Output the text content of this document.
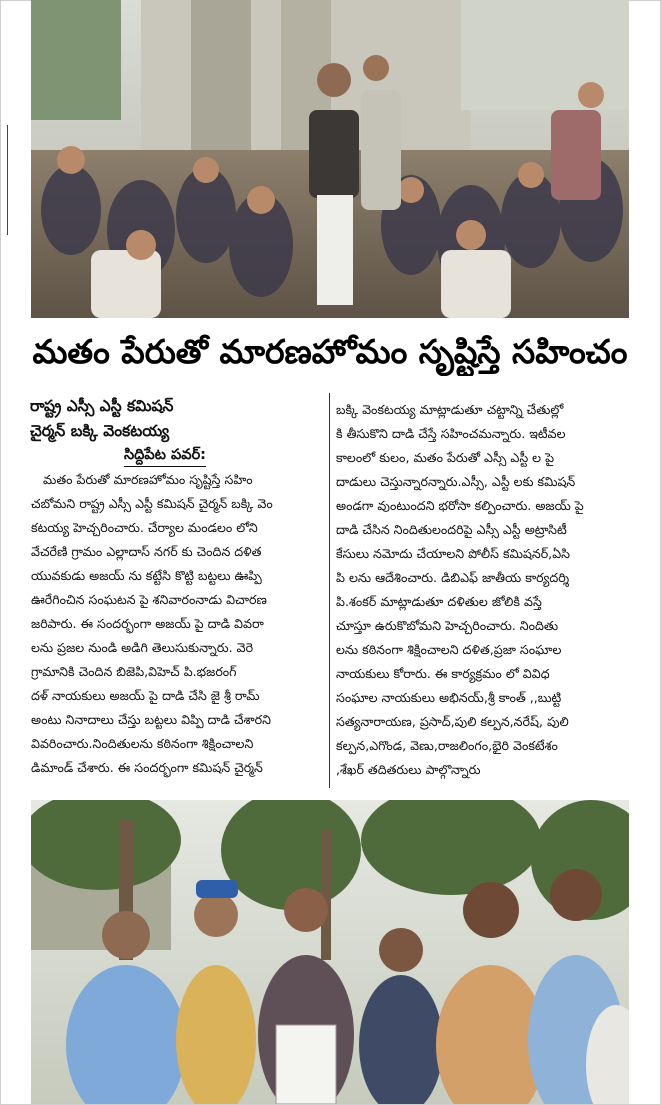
మతం పేరుతో మారణహోమం సృష్టిస్తే సహించం

రాష్ట్ర ఎస్సీ ఎస్టీ కమిషన్

చైర్మన్ బక్కి వెంకటయ్య

సిద్దిపేట పవర్:

మతం పేరుతో మారణహోమం సృష్టిస్తే సహిం

చబోమని రాష్ట్ర ఎస్సీ ఎస్టీ కమిషన్ చైర్మన్ బక్కి వెం

కటయ్య హెచ్చరించారు. చేర్యాల మండలం లోని

వేచరేణి గ్రామం ఎల్లాదాస్ నగర్ కు చెందిన దళిత

యువకుడు అజయ్ ను కట్టేసి కొట్టి బట్టలు ఊప్పి

ఊరేగించిన సంఘటన పై శనివారంనాడు విచారణ

జరిపారు. ఈ సందర్భంగా అజయ్ పై దాడి వివరా

లను ప్రజల నుండి అడిగి తెలుసుకున్నారు. వెరె

గ్రామానికి చెందిన బిజెపి,విహెచ్ పి.భజరంగ్

దళ్ నాయకులు అజయ్ పై దాడి చేసి జై శ్రీ రామ్

అంటు నినాదాలు చేస్తు బట్టలు విప్పి దాడి చేశారని

వివరించారు.నిందితులను కఠినంగా శిక్షించాలని

డిమాండ్ చేశారు. ఈ సందర్భంగా కమిషన్ చైర్మన్

బక్కి వెంకటయ్య మాట్లాడుతూ చట్టాన్ని చేతుల్లో

కి తీసుకొని దాడి చేస్తే సహించమన్నారు. ఇటీవల

కాలంలో కులం, మతం పేరుతో ఎస్సీ ఎస్టీ ల పై

దాడులు చెస్తున్నారన్నారు.ఎస్సీ, ఎస్టీ లకు కమిషన్

అండగా వుంటుందని భరోసా కల్పించారు. అజయ్ పై

దాడి చేసిన నిందితులందరిపై ఎస్సీ ఎస్టీ అట్రాసిటీ

కేసులు నమోదు చేయాలని పోలీస్ కమిషనర్,ఏసి

పి లను ఆదేశించారు. డిబిఎఫ్ జాతీయ కార్యదర్శి

పి.శంకర్ మాట్లాడుతూ దళితుల జోలికి వస్తే

చూస్తూ ఉరుకొబోమని హెచ్చరించారు. నిందితు

లను కఠినంగా శిక్షించాలని దళిత,ప్రజా సంఘాల

నాయకులు కోరారు. ఈ కార్యక్రమం లో వివిధ

సంఘాల నాయకులు అభినయ్,శ్రీ కాంత్ ,,బుట్టి

సత్యనారాయణ, ప్రసాద్,పులి కల్పన,నరేష్, పులి

కల్పన,ఎగొండ, వెణు,రాజలింగం,భైరి వెంకటేశం

,శేఖర్ తదితరులు పాల్గొన్నారు
